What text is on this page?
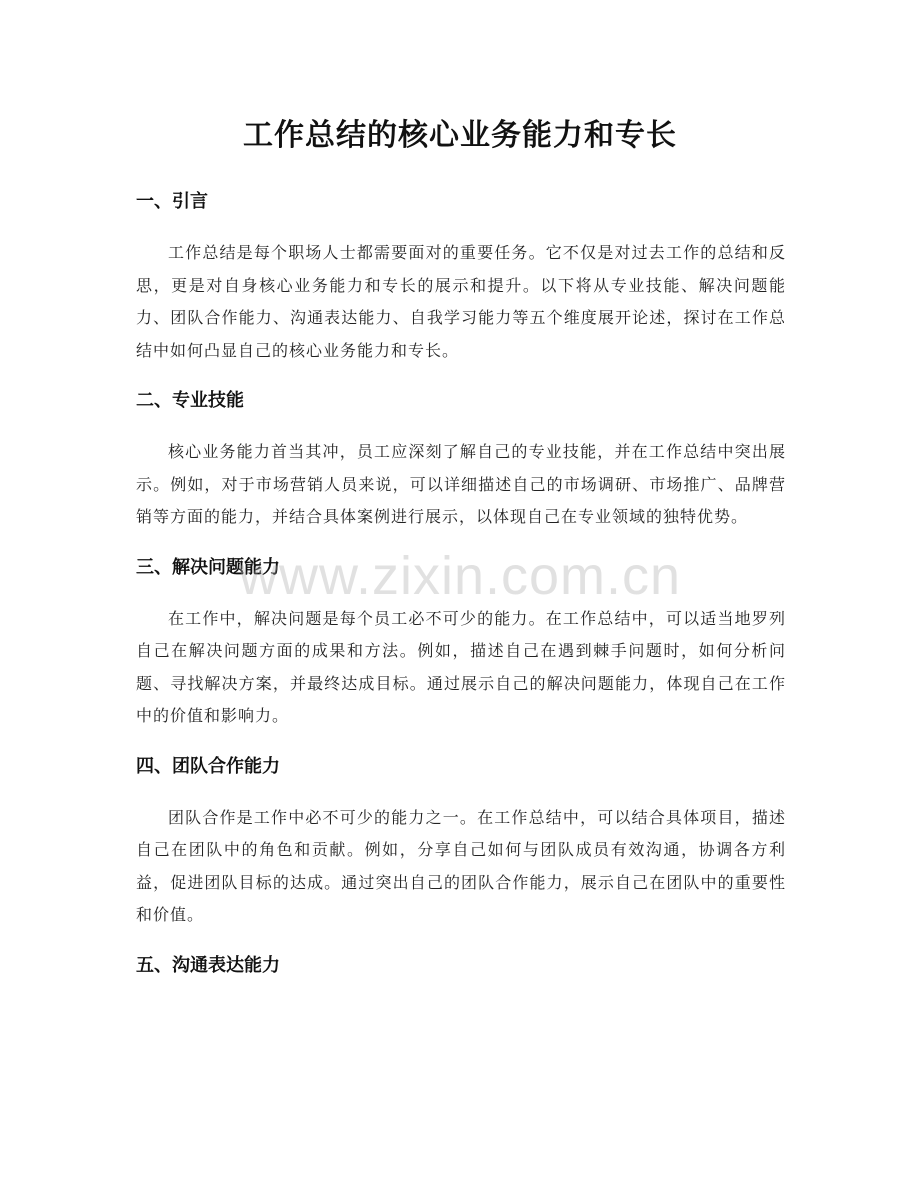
工作总结的核心业务能力和专长
一、引言

工作总结是每个职场人士都需要面对的重要任务。它不仅是对过去工作的总结和反思，更是对自身核心业务能力和专长的展示和提升。以下将从专业技能、解决问题能力、团队合作能力、沟通表达能力、自我学习能力等五个维度展开论述，探讨在工作总结中如何凸显自己的核心业务能力和专长。

二、专业技能

核心业务能力首当其冲，员工应深刻了解自己的专业技能，并在工作总结中突出展示。例如，对于市场营销人员来说，可以详细描述自己的市场调研、市场推广、品牌营销等方面的能力，并结合具体案例进行展示，以体现自己在专业领域的独特优势。

三、解决问题能力

在工作中，解决问题是每个员工必不可少的能力。在工作总结中，可以适当地罗列自己在解决问题方面的成果和方法。例如，描述自己在遇到棘手问题时，如何分析问题、寻找解决方案，并最终达成目标。通过展示自己的解决问题能力，体现自己在工作中的价值和影响力。

四、团队合作能力

团队合作是工作中必不可少的能力之一。在工作总结中，可以结合具体项目，描述自己在团队中的角色和贡献。例如，分享自己如何与团队成员有效沟通，协调各方利益，促进团队目标的达成。通过突出自己的团队合作能力，展示自己在团队中的重要性和价值。

五、沟通表达能力
www.zixin.com.cn
